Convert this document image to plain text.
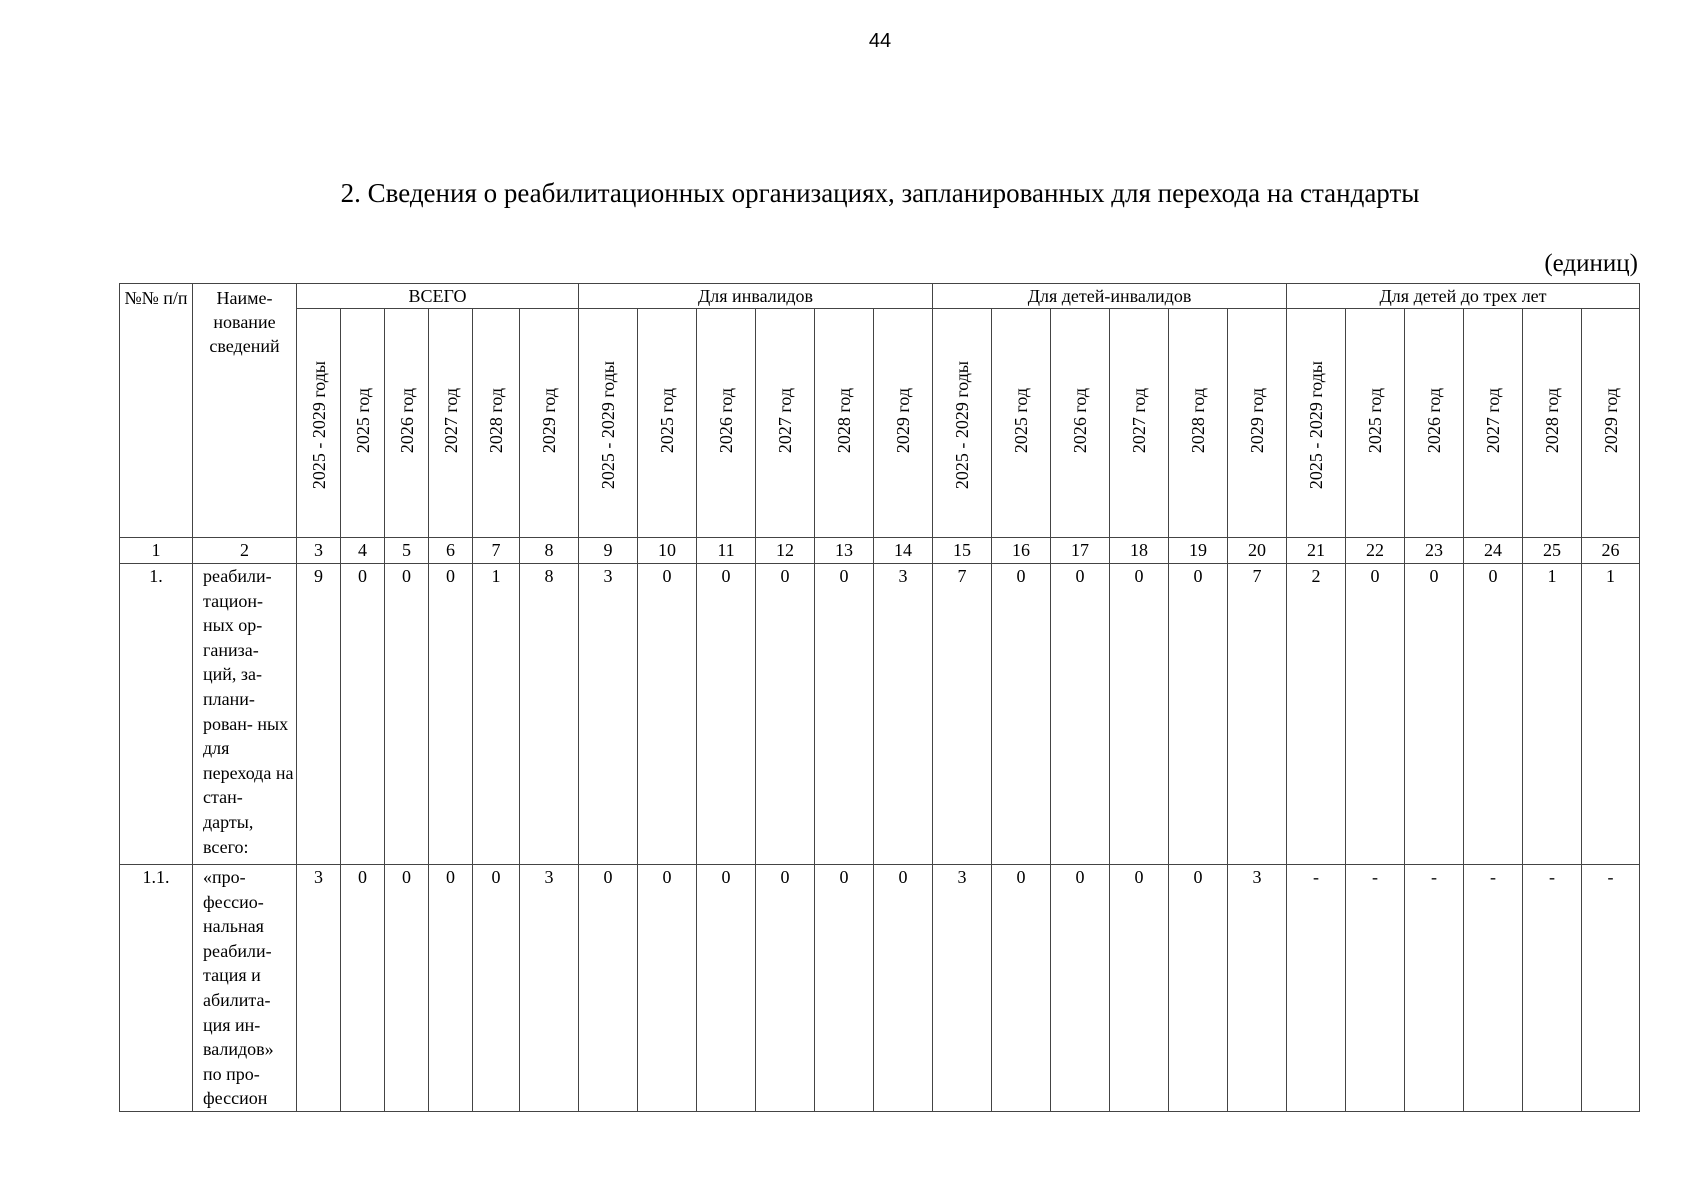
44
2. Сведения о реабилитационных организациях, запланированных для перехода на стандарты
(единиц)
№№ п/п	Наиме- нование сведений	ВСЕГО						Для инвалидов						Для детей-инвалидов						Для детей до трех лет					
		2025 - 2029 годы	2025 год	2026 год	2027 год	2028 год	2029 год	2025 - 2029 годы	2025 год	2026 год	2027 год	2028 год	2029 год	2025 - 2029 годы	2025 год	2026 год	2027 год	2028 год	2029 год	2025 - 2029 годы	2025 год	2026 год	2027 год	2028 год	2029 год
1	2	3	4	5	6	7	8	9	10	11	12	13	14	15	16	17	18	19	20	21	22	23	24	25	26
1.	реабили- тацион- ных ор- ганиза- ций, за- плани- рован- ных для перехода на стан- дарты, всего:	9	0	0	0	1	8	3	0	0	0	0	3	7	0	0	0	0	7	2	0	0	0	1	1
1.1.	«про- фессио- нальная реабили- тация и абилита- ция ин- валидов» по про- фессион	3	0	0	0	0	3	0	0	0	0	0	0	3	0	0	0	0	3	-	-	-	-	-	-
